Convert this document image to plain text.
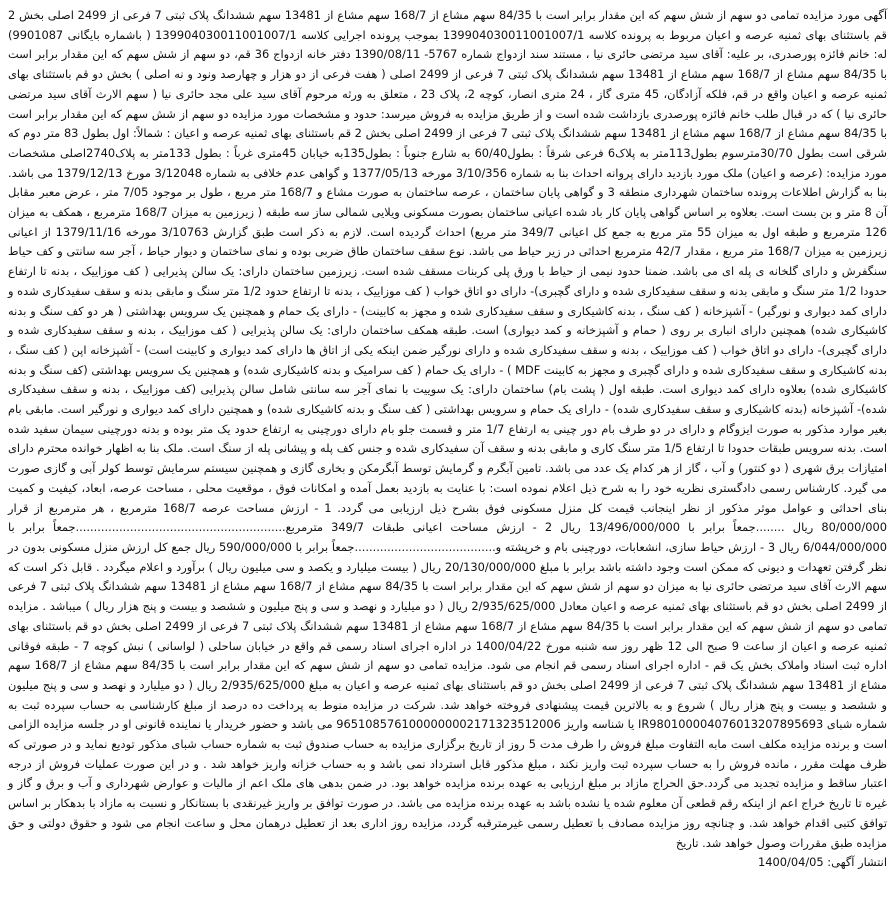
آگهی مورد مزایده تمامی دو سهم از شش سهم که این مقدار برابر است با 84/35 سهم مشاع از 168/7 سهم مشاع از 13481 سهم ششدانگ پلاک ثبتی 7 فرعی از 2499 اصلی بخش 2 قم باستثنای بهای ثمنیه عرصه و اعیان مربوط به پرونده کلاسه 139904030011001007/1 بموجب پرونده اجرایی کلاسه 139904030011001007/1 ( باشماره بایگانی 9901087) له: خانم فائزه پورصدری، بر علیه: آقای سید مرتضی حائری نیا ، مستند سند ازدواج شماره 5767- 1390/08/11 دفتر خانه ازدواج 36 قم، دو سهم از شش سهم که این مقدار برابر است با 84/35 سهم مشاع از 168/7 سهم مشاع از 13481 سهم ششدانگ پلاک ثبتی 7 فرعی از 2499 اصلی ( هفت فرعی از دو هزار و چهارصد ونود و نه اصلی ) بخش دو قم باستثنای بهای ثمنیه عرصه و اعیان واقع در قم، فلکه آزادگان، 45 متری گاز ، 24 متری انصار، کوچه 2، پلاک 23 ، متعلق به ورثه مرحوم آقای سید علی مجد حائری نیا ( سهم الارث آقای سید مرتضی حائری نیا ) که در قبال طلب خانم فائزه پورصدری بازداشت شده است و از طریق مزایده به فروش میرسد: حدود و مشخصات مورد مزایده دو سهم از شش سهم که این مقدار برابر است با 84/35 سهم مشاع از 168/7 سهم مشاع از 13481 سهم ششدانگ پلاک ثبتی 7 فرعی از 2499 اصلی بخش 2 قم باستثنای بهای ثمنیه عرصه و اعیان : شمالاً: اول بطول 83 متر دوم که شرقی است بطول 30/70مترسوم بطول113متر به پلاک6 فرعی شرقاً : بطول60/40 به شارع جنوباً : بطول135به خیابان 45متری غرباً : بطول 133متر به پلاک2740اصلی مشخصات مورد مزایده: (عرصه و اعیان) ملک مورد بازدید دارای پروانه احداث بنا به شماره 3/10/356 مورخه 1377/05/13 و گواهی عدم خلافی به شماره 3/12048 مورخ 1379/12/13 می باشد. بنا به گزارش اطلاعات پرونده ساختمان شهرداری منطقه 3 و گواهی پایان ساختمان ، عرصه ساختمان به صورت مشاع و 168/7 متر مربع ، طول بر موجود 7/05 متر ، عرض معبر مقابل آن 8 متر و بن بست است. بعلاوه بر اساس گواهی پایان کار باد شده اعیانی ساختمان بصورت مسکونی ویلایی شمالی ساز سه طبقه ( زیرزمین به میزان 168/7 مترمربع ، همکف به میزان 126 مترمربع و طبقه اول به میزان 55 متر مربع به جمع کل اعیانی 349/7 متر مربع) احداث گردیده است. لازم به ذکر است طبق گزارش 3/10763 مورخه 1379/11/16 از اعیانی زیرزمین به میزان 168/7 متر مربع ، مقدار 42/7 مترمربع احداثی در زیر حیاط می باشد. نوع سقف ساختمان طاق ضربی بوده و نمای ساختمان و دیوار حیاط ، آجر سه سانتی و کف حیاط سنگفرش و دارای گلخانه ی پله ای می باشد. ضمنا حدود نیمی از حیاط با ورق پلی کربنات مسقف شده است. زیرزمین ساختمان دارای: یک سالن پذیرایی ( کف موزاییک ، بدنه تا ارتفاع حدودا 1/2 متر سنگ و مابقی بدنه و سقف سفیدکاری شده و دارای گچبری)- دارای دو اتاق خواب ( کف موزاییک ، بدنه تا ارتفاع حدود 1/2 متر سنگ و مابقی بدنه و سقف سفیدکاری شده و دارای کمد دیواری و نورگیر) - آشپزخانه ( کف سنگ ، بدنه کاشیکاری و سقف سفیدکاری شده و مجهز به کابینت) - دارای یک حمام و همچنین یک سرویس بهداشتی ( هر دو کف سنگ و بدنه کاشیکاری شده) همچنین دارای انباری بر روی ( حمام و آشپزخانه و کمد دیواری) است. طبقه همکف ساختمان دارای: یک سالن پذیرایی ( کف موزاییک ، بدنه و سقف سفیدکاری شده و دارای گچبری)- دارای دو اتاق خواب ( کف موزاییک ، بدنه و سقف سفیدکاری شده و دارای نورگیر ضمن اینکه یکی از اتاق ها دارای کمد دیواری و کابینت است) - آشپزخانه اپن ( کف سنگ ، بدنه کاشیکاری و سقف سفیدکاری شده و دارای گچبری و مجهز به کابینت MDF ) - دارای یک حمام ( کف سرامیک و بدنه کاشیکاری شده) و همچنین یک سرویس بهداشتی (کف سنگ و بدنه کاشیکاری شده) بعلاوه دارای کمد دیواری است. طبقه اول ( پشت بام) ساختمان دارای: یک سوییت با نمای آجر سه سانتی شامل سالن پذیرایی (کف موزاییک ، بدنه و سقف سفیدکاری شده)- آشپزخانه (بدنه کاشیکاری و سقف سفیدکاری شده) - دارای یک حمام و سرویس بهداشتی ( کف سنگ و بدنه کاشیکاری شده) و همچنین دارای کمد دیواری و نورگیر است. مابقی بام بغیر موارد مذکور به صورت ایزوگام و دارای در دو طرف بام دور چینی به ارتفاع 1/7 متر و قسمت جلو بام دارای دورچینی به ارتفاع حدود یک متر بوده و بدنه دورچینی سیمان سفید شده است. بدنه سرویس طبقات حدودا تا ارتفاع 1/5 متر سنگ کاری و مابقی بدنه و سقف آن سفیدکاری شده و جنس کف پله و پیشانی پله از سنگ است. ملک بنا به اظهار خوانده محترم دارای امتیازات برق شهری ( دو کنتور) و آب ، گاز از هر کدام یک عدد می باشد. تامین آبگرم و گرمایش توسط آبگرمکن و بخاری گازی و همچنین سیستم سرمایش توسط کولر آبی و گازی صورت می گیرد. کارشناس رسمی دادگستری نظریه خود را به شرح ذیل اعلام نموده است: با عنایت به بازدید بعمل آمده و امکانات فوق ، موقعیت محلی ، مساحت عرصه، ابعاد، کیفیت و کمیت بنای احداثی و عوامل موثر مذکور از نظر اینجانب قیمت کل منزل مسکونی فوق بشرح ذیل ارزیابی می گردد. 1 - ارزش مساحت عرصه 168/7 مترمربع ، هر مترمربع از قرار 80/000/000 ریال ........جمعاً برابر با 13/496/000/000 ریال 2 - ارزش مساحت اعیانی طبقات 349/7 مترمربع..........................................................جمعاً برابر با 6/044/000/000 ریال 3 - ارزش حیاط سازی، انشعابات، دورچینی بام و خرپشته و.......................................جمعاً برابر با 590/000/000 ریال جمع کل ارزش منزل مسکونی بدون در نظر گرفتن تعهدات و دیونی که ممکن است وجود داشته باشد برابر با مبلغ 20/130/000/000 ریال ( بیست میلیارد و یکصد و سی میلیون ریال ) برآورد و اعلام میگردد . قابل ذکر است که سهم الارث آقای سید مرتضی حائری نیا به میزان دو سهم از شش سهم که این مقدار برابر است با 84/35 سهم مشاع از 168/7 سهم مشاع از 13481 سهم ششدانگ پلاک ثبتی 7 فرعی از 2499 اصلی بخش دو قم باستثنای بهای ثمنیه عرصه و اعیان معادل 2/935/625/000 ریال ( دو میلیارد و نهصد و سی و پنج میلیون و ششصد و بیست و پنج هزار ریال ) میباشد . مزایده تمامی دو سهم از شش سهم که این مقدار برابر است با 84/35 سهم مشاع از 168/7 سهم مشاع از 13481 سهم ششدانگ پلاک ثبتی 7 فرعی از 2499 اصلی بخش دو قم باستثنای بهای ثمنیه عرصه و اعیان از ساعت 9 صبح الی 12 ظهر روز سه شنبه مورخ 1400/04/22 در اداره اجرای اسناد رسمی قم واقع در خیابان ساحلی ( لواسانی ) نبش کوچه 7 - طبقه فوقانی اداره ثبت اسناد واملاک بخش یک قم - اداره اجرای اسناد رسمی قم انجام می شود. مزایده تمامی دو سهم از شش سهم که این مقدار برابر است با 84/35 سهم مشاع از 168/7 سهم مشاع از 13481 سهم ششدانگ پلاک ثبتی 7 فرعی از 2499 اصلی بخش دو قم باستثنای بهای ثمنیه عرصه و اعیان به مبلغ 2/935/625/000 ریال ( دو میلیارد و نهصد و سی و پنج میلیون و ششصد و بیست و پنج هزار ریال ) شروع و به بالاترین قیمت پیشنهادی فروخته خواهد شد. شرکت در مزایده منوط به پرداخت ده درصد از مبلغ کارشناسی به حساب سپرده ثبت به شماره شبای IR980100004076013207895693 یا شناسه واریز 9651085761000000002171323512006 می باشد و حضور خریدار یا نماینده قانونی او در جلسه مزایده الزامی است و برنده مزایده مکلف است مابه التفاوت مبلغ فروش را ظرف مدت 5 روز از تاریخ برگزاری مزایده به حساب صندوق ثبت به شماره حساب شبای مذکور تودیع نماید و در صورتی که ظرف مهلت مقرر ، مانده فروش را به حساب سپرده ثبت واریز نکند ، مبلغ مذکور قابل استرداد نمی باشد و به حساب خزانه واریز خواهد شد . و در این صورت عملیات فروش از درجه اعتبار ساقط و مزایده تجدید می گردد.حق الحراج مازاد بر مبلغ ارزیابی به عهده برنده مزایده خواهد بود. در ضمن بدهی های ملک اعم از مالیات و عوارض شهرداری و آب و برق و گاز و غیره تا تاریخ خراج اعم از اینکه رقم قطعی آن معلوم شده یا نشده باشد به عهده برنده مزایده می باشد. در صورت توافق بر واریز غیرنقدی با بستانکار و نسبت به مازاد با بدهکار بر اساس توافق کتبی اقدام خواهد شد. و چنانچه روز مزایده مصادف با تعطیل رسمی غیرمترقبه گردد، مزایده روز اداری بعد از تعطیل درهمان محل و ساعت انجام می شود و حقوق دولتی و حق مزایده طبق مقررات وصول خواهد شد. تاریخ

انتشار آگهی: 1400/04/05
